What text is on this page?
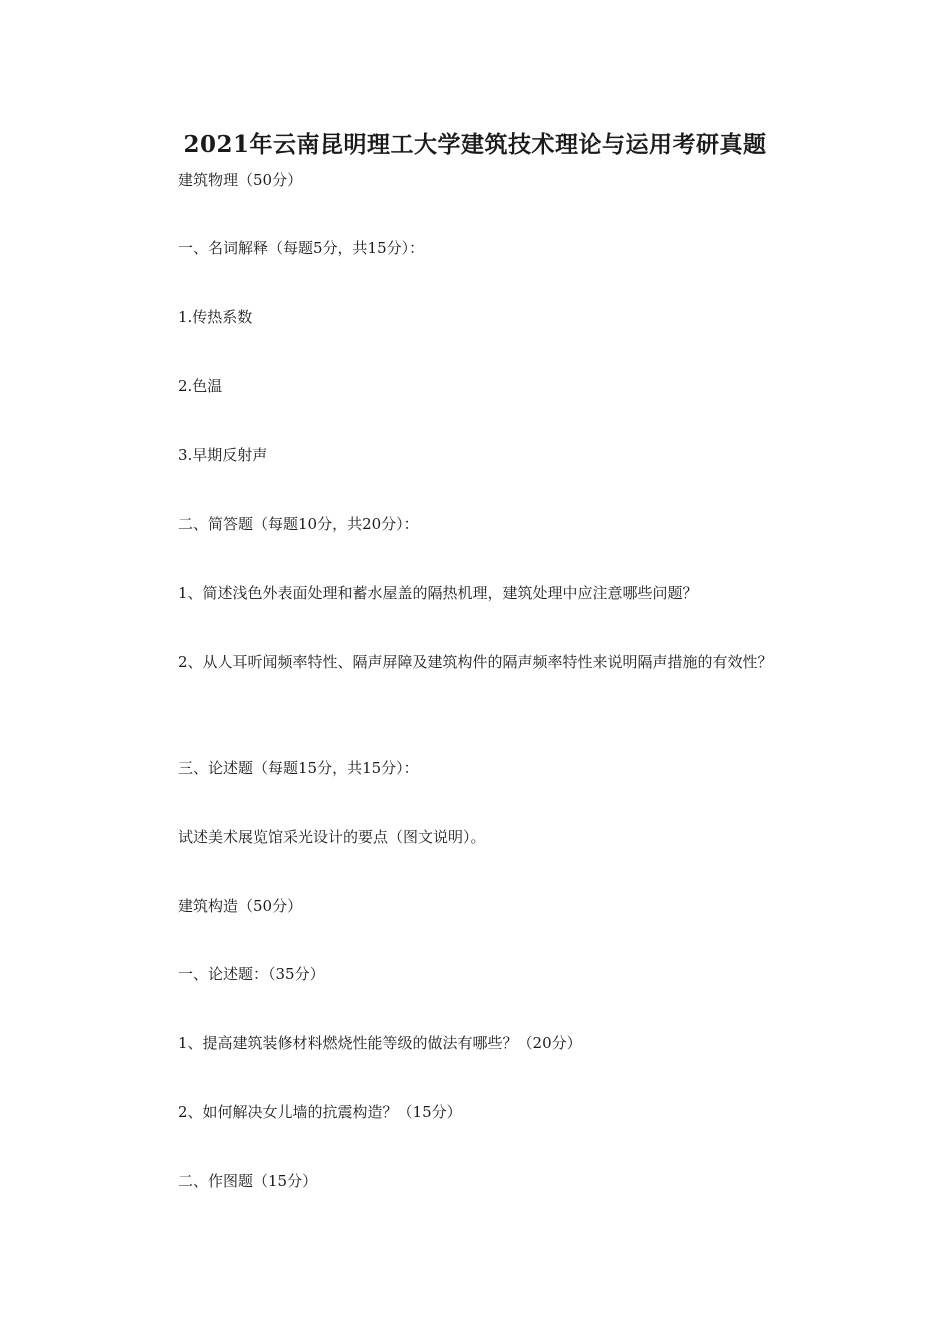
2021年云南昆明理工大学建筑技术理论与运用考研真题

建筑物理（50分）

一、名词解释（每题5分，共15分）：

1.传热系数

2.色温

3.早期反射声

二、简答题（每题10分，共20分）：

1、简述浅色外表面处理和蓄水屋盖的隔热机理，建筑处理中应注意哪些问题？

2、从人耳听闻频率特性、隔声屏障及建筑构件的隔声频率特性来说明隔声措施的有效性？

三、论述题（每题15分，共15分）：

试述美术展览馆采光设计的要点（图文说明）。

建筑构造（50分）

一、论述题：（35分）

1、提高建筑装修材料燃烧性能等级的做法有哪些？（20分）

2、如何解决女儿墙的抗震构造？（15分）

二、作图题（15分）
